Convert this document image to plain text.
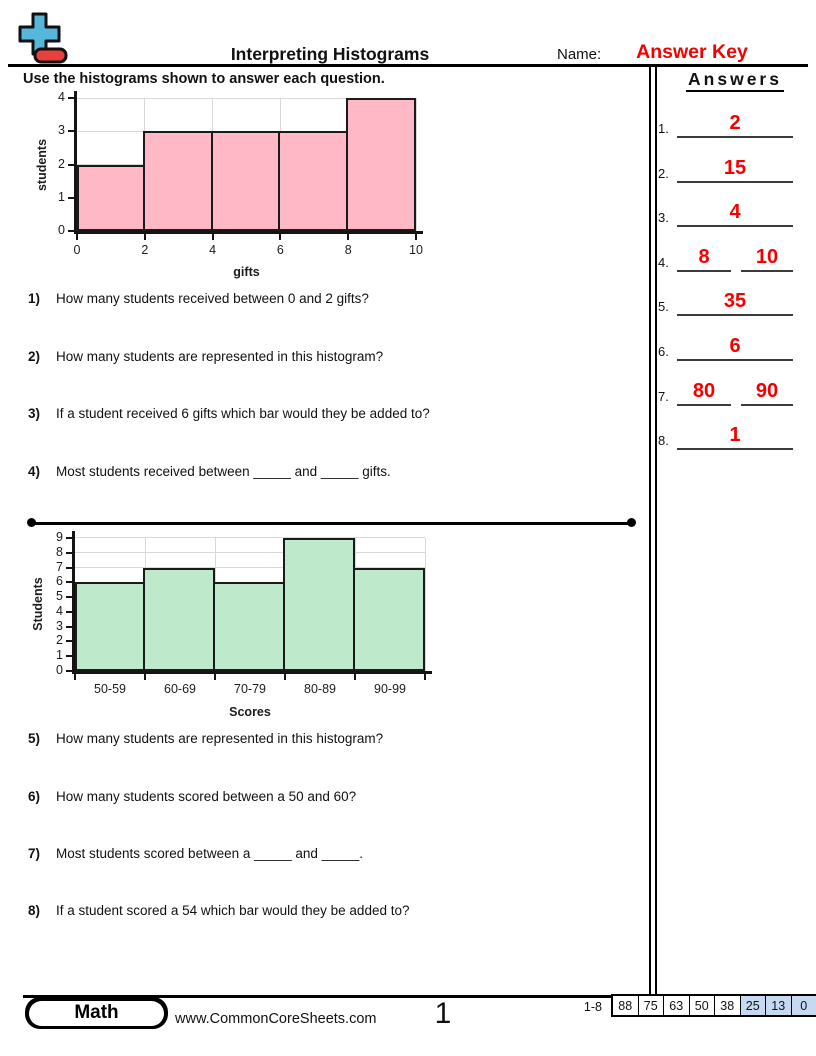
Interpreting Histograms	Name:	Answer Key
Use the histograms shown to answer each question.
0
1
2
3
4
0	2	4	6	8	10
students
gifts
1) How many students received between 0 and 2 gifts?
2) How many students are represented in this histogram?
3) If a student received 6 gifts which bar would they be added to?
4) Most students received between _____ and _____ gifts.
5) How many students are represented in this histogram?
6) How many students scored between a 50 and 60?
7) Most students scored between a _____ and _____.
8) If a student scored a 54 which bar would they be added to?
0
1
2
3
4
5
6
7
8
9
50-59	60-69	70-79	80-89	90-99
Students
Scores
Answers
1.	2
2.	15
3.	4
4.	8	10
5.	35
6.	6
7.	80	90
8.	1
Math	www.CommonCoreSheets.com	1	1-8	88 75 63 50 38 25 13	0
